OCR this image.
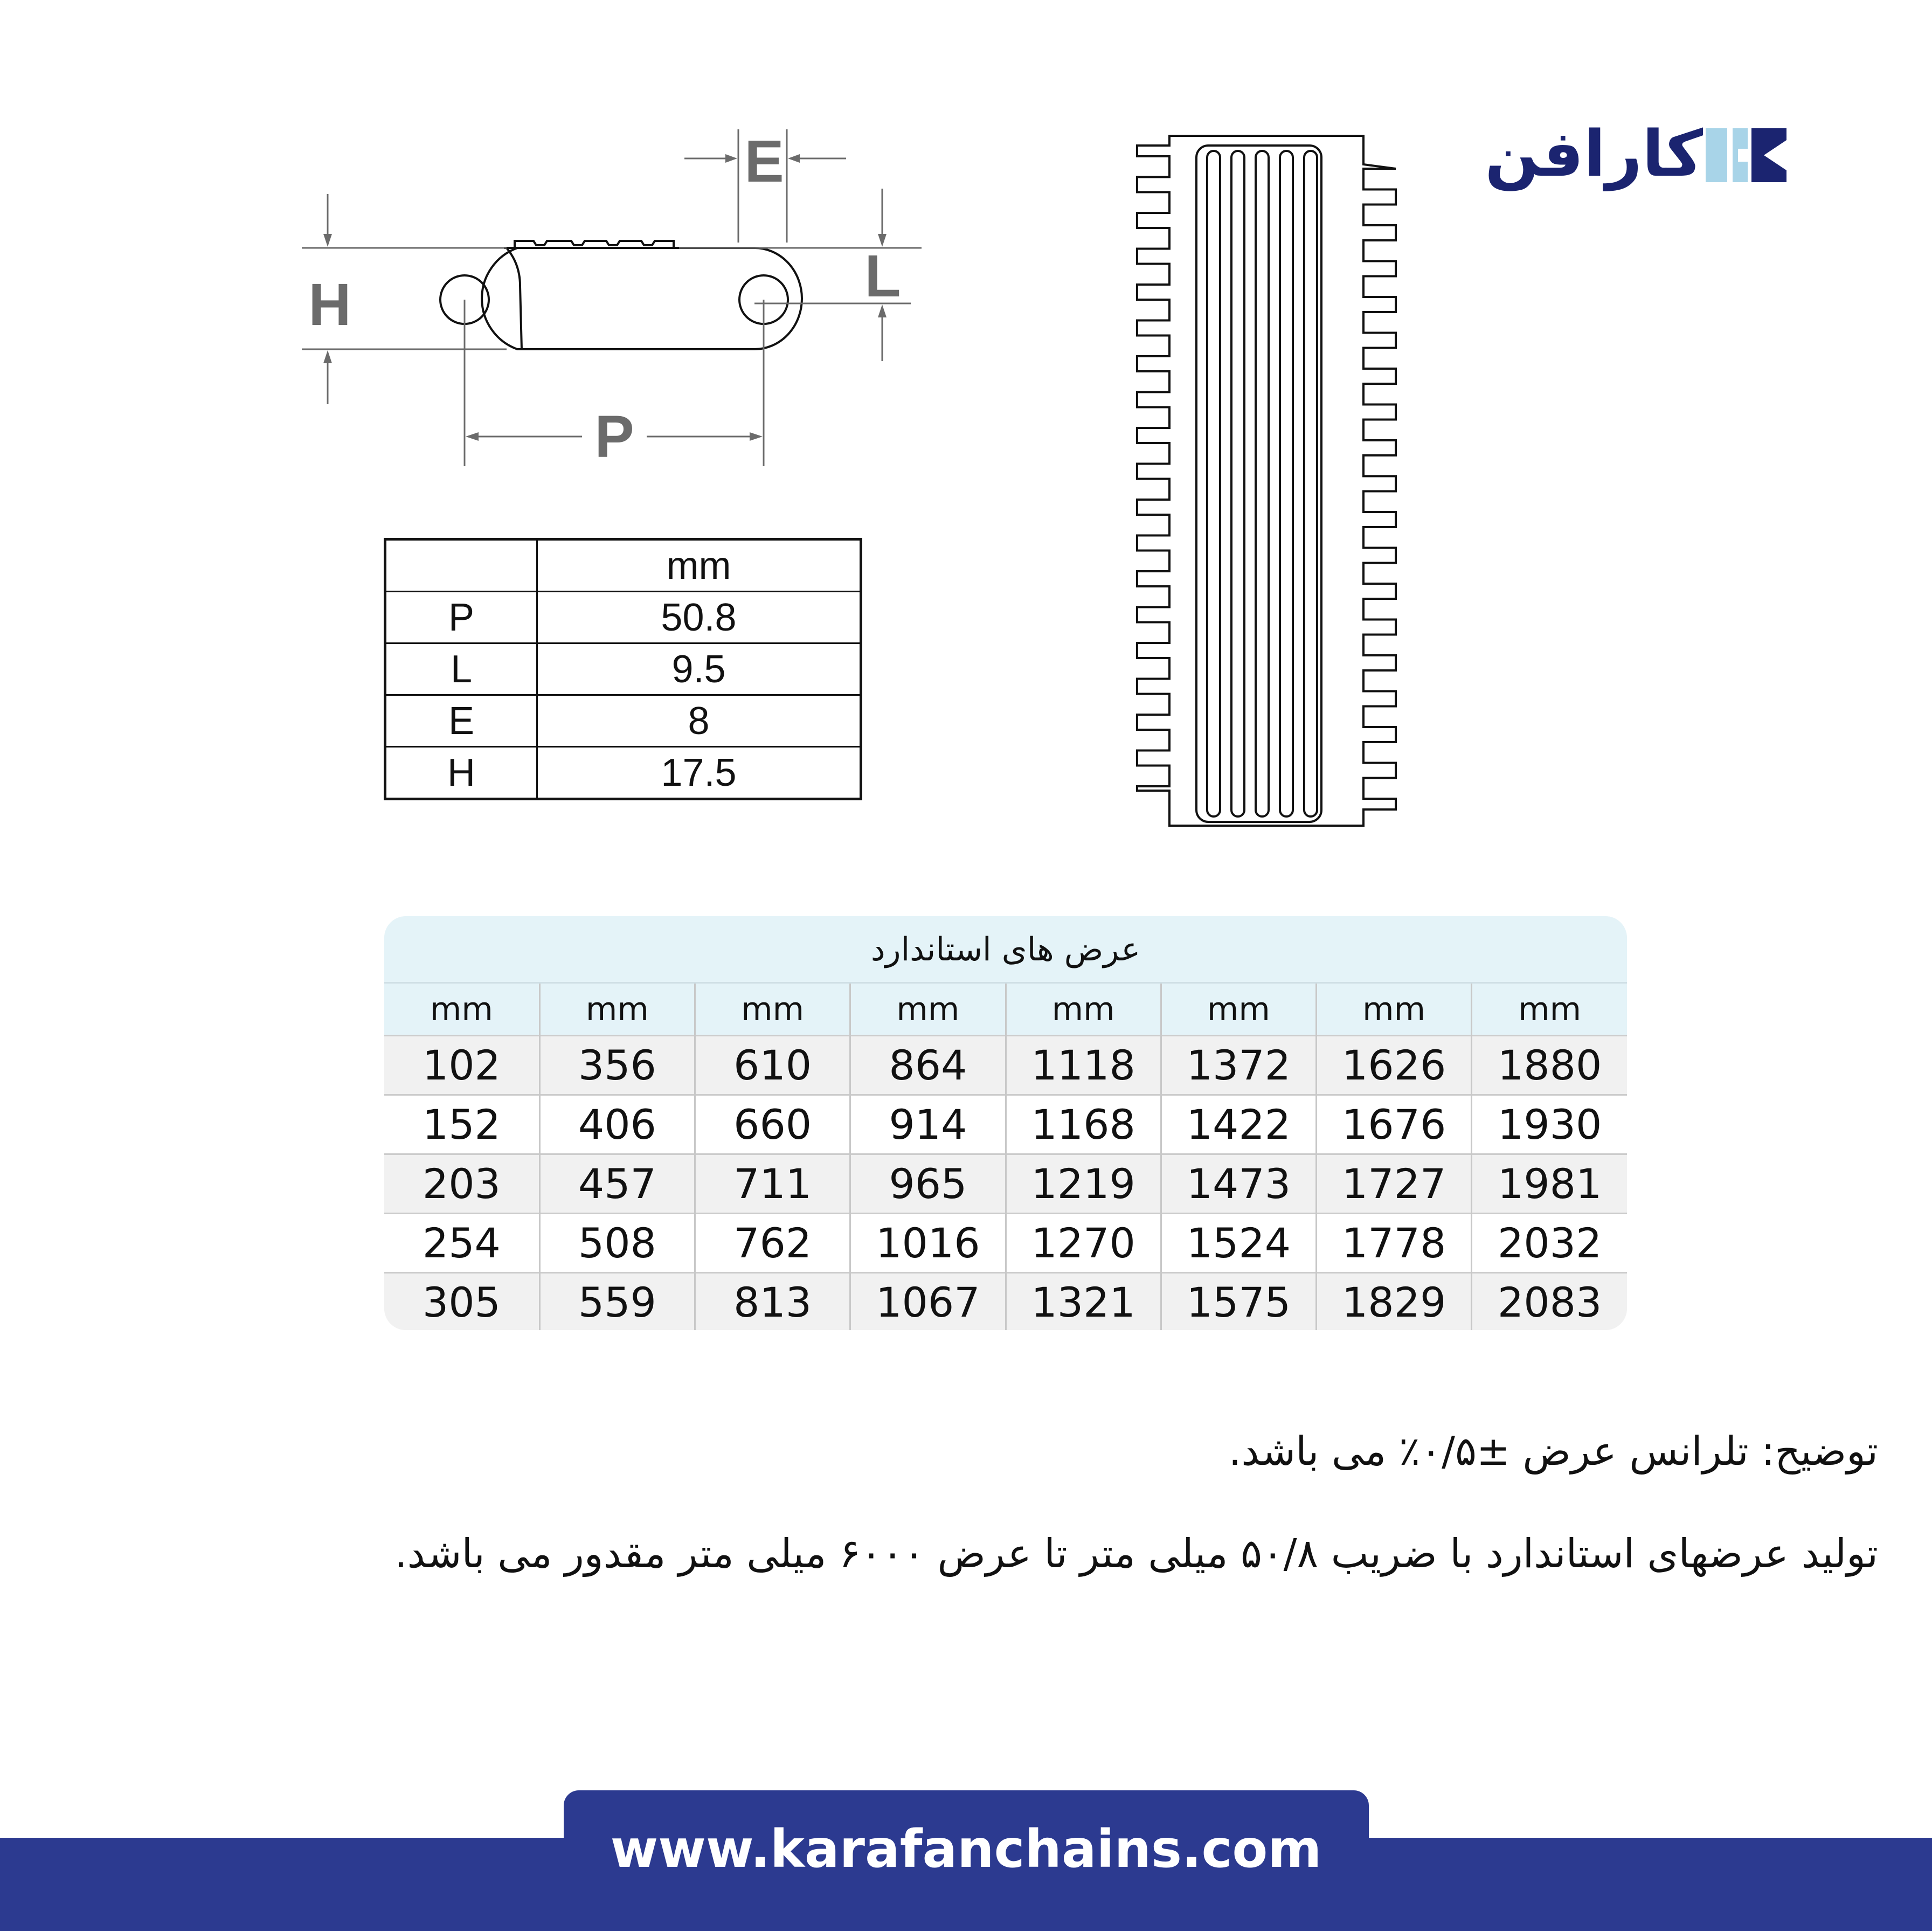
کارافن
E
H	L
P
	mm
P	50.8
L	9.5
E	8
H	17.5
عرض های استاندارد
mm	mm	mm	mm	mm	mm	mm	mm
102	356	610	864	1118	1372	1626	1880
152	406	660	914	1168	1422	1676	1930
203	457	711	965	1219	1473	1727	1981
254	508	762	1016	1270	1524	1778	2032
305	559	813	1067	1321	1575	1829	2083
توضیح: تلرانس عرض ±۰/۵٪ می باشد.
تولید عرضهای استاندارد با ضریب ۵۰/۸ میلی متر تا عرض ۶۰۰۰ میلی متر مقدور می باشد.
www.karafanchains.com
